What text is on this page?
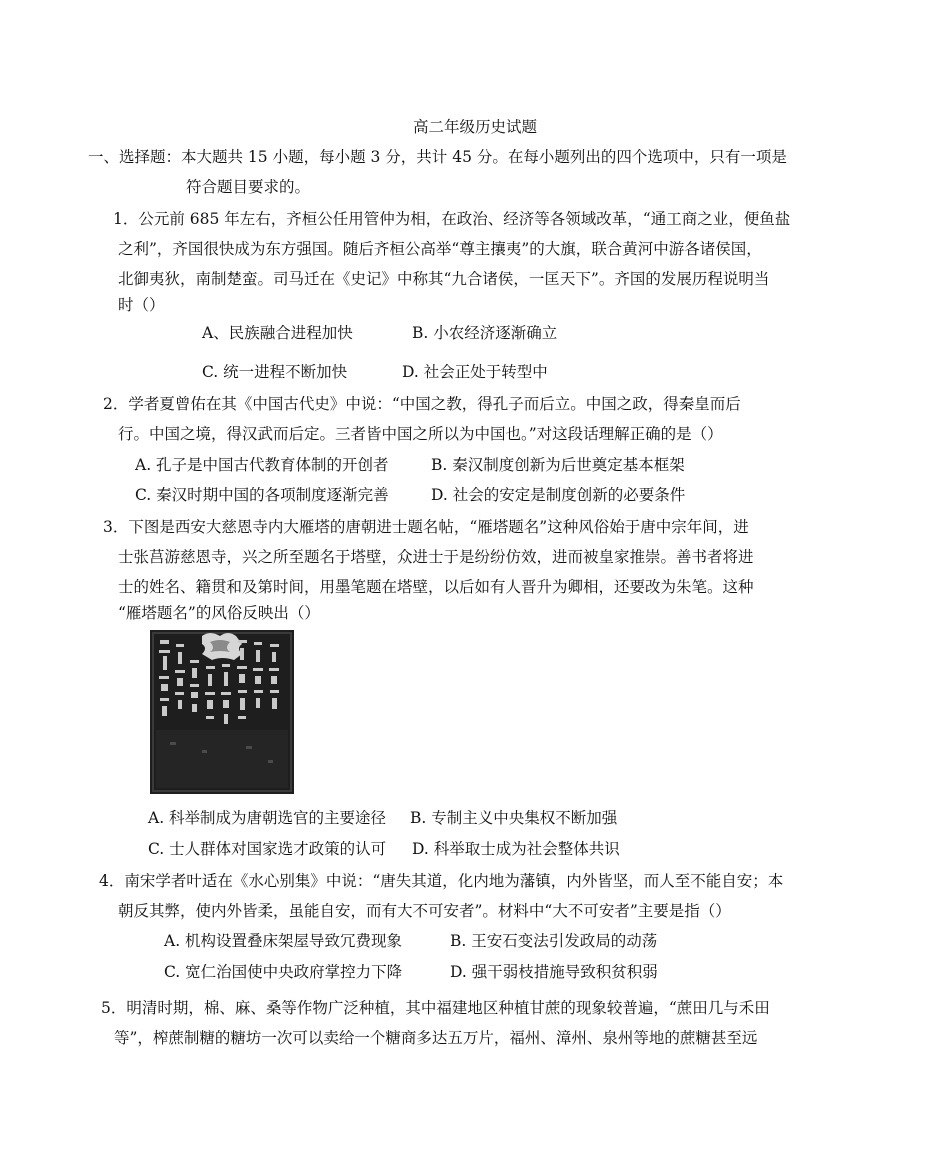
高二年级历史试题
一、选择题：本大题共 15 小题，每小题 3 分，共计 45 分。在每小题列出的四个选项中，只有一项是
符合题目要求的。
1．公元前 685 年左右，齐桓公任用管仲为相，在政治、经济等各领域改革，“通工商之业，便鱼盐
之利”，齐国很快成为东方强国。随后齐桓公高举“尊主攘夷”的大旗，联合黄河中游各诸侯国，
北御夷狄，南制楚蛮。司马迁在《史记》中称其“九合诸侯，一匡天下”。齐国的发展历程说明当
时（）
A、民族融合进程加快	B. 小农经济逐渐确立
C. 统一进程不断加快	D. 社会正处于转型中
2．学者夏曾佑在其《中国古代史》中说：“中国之教，得孔子而后立。中国之政，得秦皇而后
行。中国之境，得汉武而后定。三者皆中国之所以为中国也。”对这段话理解正确的是（）
A. 孔子是中国古代教育体制的开创者	B. 秦汉制度创新为后世奠定基本框架
C. 秦汉时期中国的各项制度逐渐完善	D. 社会的安定是制度创新的必要条件
3．下图是西安大慈恩寺内大雁塔的唐朝进士题名帖，“雁塔题名”这种风俗始于唐中宗年间，进
士张莒游慈恩寺，兴之所至题名于塔壁，众进士于是纷纷仿效，进而被皇家推崇。善书者将进
士的姓名、籍贯和及第时间，用墨笔题在塔壁，以后如有人晋升为卿相，还要改为朱笔。这种
“雁塔题名”的风俗反映出（）
A. 科举制成为唐朝选官的主要途径 B. 专制主义中央集权不断加强
C. 士人群体对国家选才政策的认可 D. 科举取士成为社会整体共识
4．南宋学者叶适在《水心别集》中说：“唐失其道，化内地为藩镇，内外皆坚，而人至不能自安；本
朝反其弊，使内外皆柔，虽能自安，而有大不可安者”。材料中“大不可安者”主要是指（）
A. 机构设置叠床架屋导致冗费现象	B. 王安石变法引发政局的动荡
C. 宽仁治国使中央政府掌控力下降	D. 强干弱枝措施导致积贫积弱
5．明清时期，棉、麻、桑等作物广泛种植，其中福建地区种植甘蔗的现象较普遍，“蔗田几与禾田
等”，榨蔗制糖的糖坊一次可以卖给一个糖商多达五万片，福州、漳州、泉州等地的蔗糖甚至远
